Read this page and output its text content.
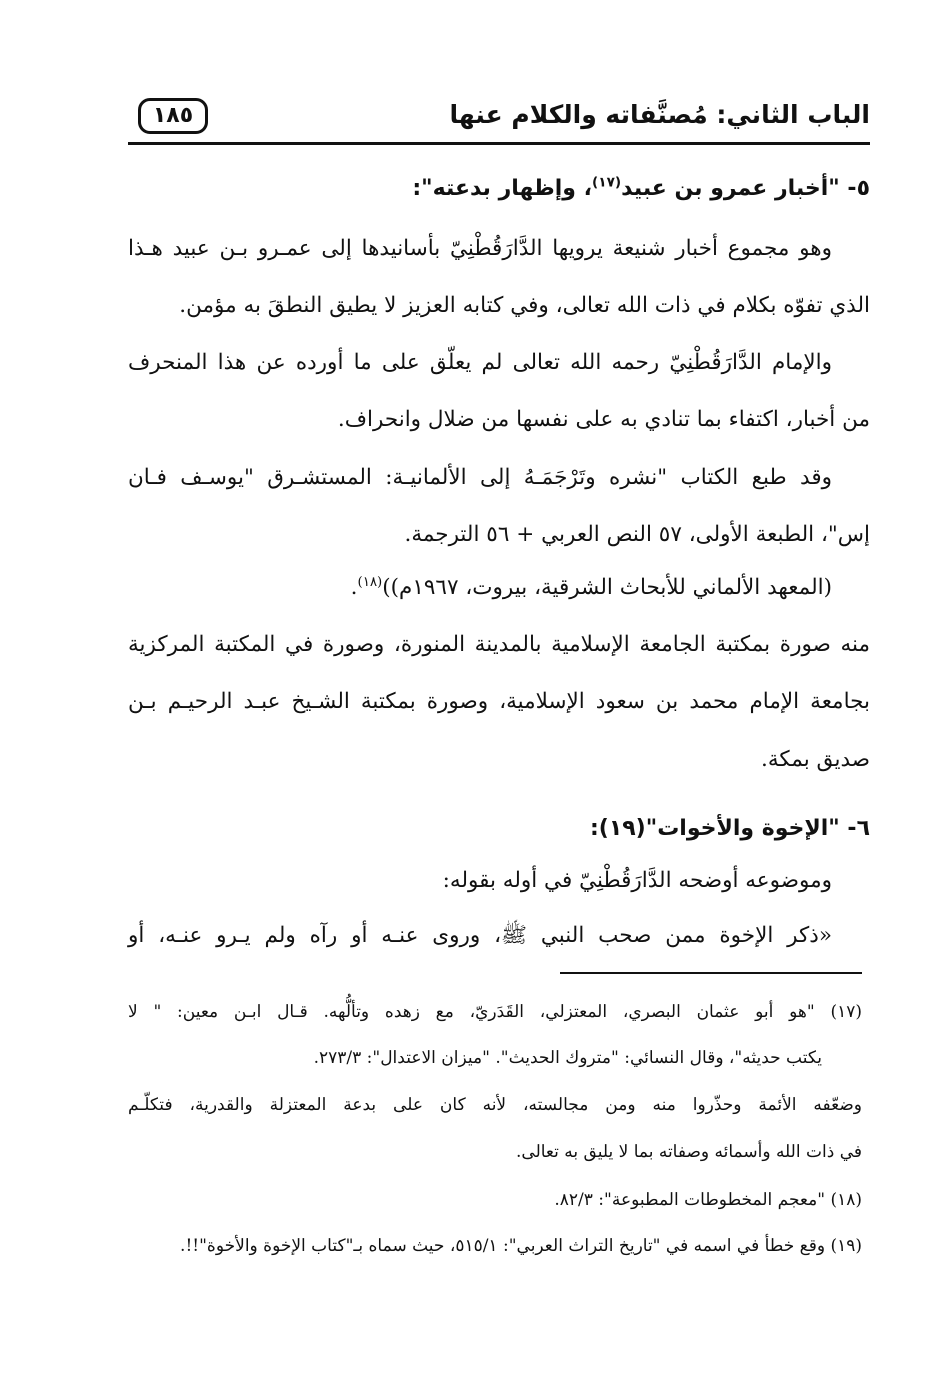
الباب الثاني: مُصنَّفاته والكلام عنها
١٨٥
٥- "أخبار عمرو بن عبيد$^{(١٧)}$، وإظهار بدعته":
وهو مجموع أخبار شنيعة يرويها الدَّارَقُطْنِيّ بأسانيدها إلى عمـرو بـن عبيد هـذا
الذي تفوّه بكلام في ذات الله تعالى، وفي كتابه العزيز لا يطيق النطقَ به مؤمن.
والإمام الدَّارَقُطْنِيّ رحمه الله تعالى لم يعلّق على ما أورده عن هذا المنحرف
من أخبار، اكتفاء بما تنادي به على نفسها من ضلال وانحراف.
وقد طبع الكتاب "نشره وتَرْجَمَـهُ إلى الألمانيـة: المستشـرق "يوسـف فـان
إس"، الطبعة الأولى، ٥٧ النص العربي + ٥٦ الترجمة.
(المعهد الألماني للأبحاث الشرقية، بيروت، ١٩٦٧م))$^{(١٨)}$.
منه صورة بمكتبة الجامعة الإسلامية بالمدينة المنورة، وصورة في المكتبة المركزية
بجامعة الإمام محمد بن سعود الإسلامية، وصورة بمكتبة الشـيخ عبـد الرحيـم بـن
صديق بمكة.
٦- "الإخوة والأخوات"(١٩):
وموضوعه أوضحه الدَّارَقُطْنِيّ في أوله بقوله:
«ذكر الإخوة ممن صحب النبي ﷺ، وروى عنـه أو رآه ولم يـرو عنـه، أو
(١٧) "هو أبو عثمان البصري، المعتزلي، القَدَريّ، مع زهده وتألُّهه. قـال ابـن معين: " لا
يكتب حديثه"، وقال النسائي: "متروك الحديث". "ميزان الاعتدال": ٢٧٣/٣.
وضعّفه الأئمة وحذّروا منه ومن مجالسته، لأنه كان على بدعة المعتزلة والقدرية، فتكلّـم
في ذات الله وأسمائه وصفاته بما لا يليق به تعالى.
(١٨) "معجم المخطوطات المطبوعة": ٨٢/٣.
(١٩) وقع خطأ في اسمه في "تاريخ التراث العربي": ٥١٥/١، حيث سماه بـ"كتاب الإخوة والأخوة"!!.
